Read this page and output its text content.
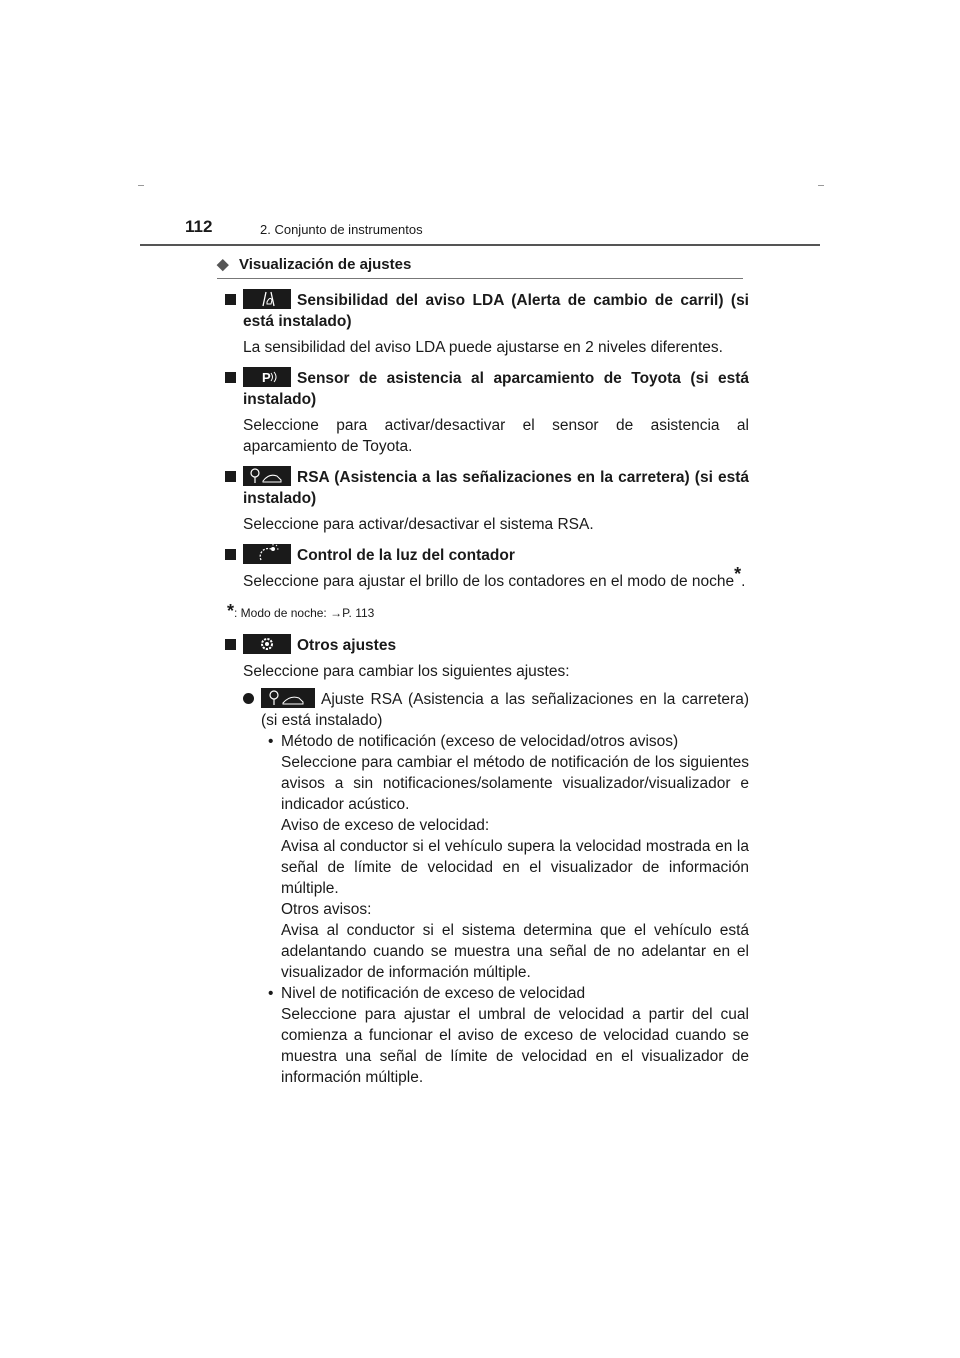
112	2. Conjunto de instrumentos
◆ Visualización de ajustes
Sensibilidad del aviso LDA (Alerta de cambio de carril) (si está instalado)
La sensibilidad del aviso LDA puede ajustarse en 2 niveles diferentes.
P Sensor de asistencia al aparcamiento de Toyota (si está instalado)
Seleccione para activar/desactivar el sensor de asistencia al aparcamiento de Toyota.
RSA (Asistencia a las señalizaciones en la carretera) (si está instalado)
Seleccione para activar/desactivar el sistema RSA.
Control de la luz del contador
Seleccione para ajustar el brillo de los contadores en el modo de noche*.
*: Modo de noche: →P. 113
Otros ajustes
Seleccione para cambiar los siguientes ajustes:
Ajuste RSA (Asistencia a las señalizaciones en la carretera) (si está instalado)
• Método de notificación (exceso de velocidad/otros avisos)
Seleccione para cambiar el método de notificación de los siguientes avisos a sin notificaciones/solamente visualizador/visualizador e indicador acústico.
Aviso de exceso de velocidad:
Avisa al conductor si el vehículo supera la velocidad mostrada en la señal de límite de velocidad en el visualizador de información múltiple.
Otros avisos:
Avisa al conductor si el sistema determina que el vehículo está adelantando cuando se muestra una señal de no adelantar en el visualizador de información múltiple.
• Nivel de notificación de exceso de velocidad
Seleccione para ajustar el umbral de velocidad a partir del cual comienza a funcionar el aviso de exceso de velocidad cuando se muestra una señal de límite de velocidad en el visualizador de información múltiple.
